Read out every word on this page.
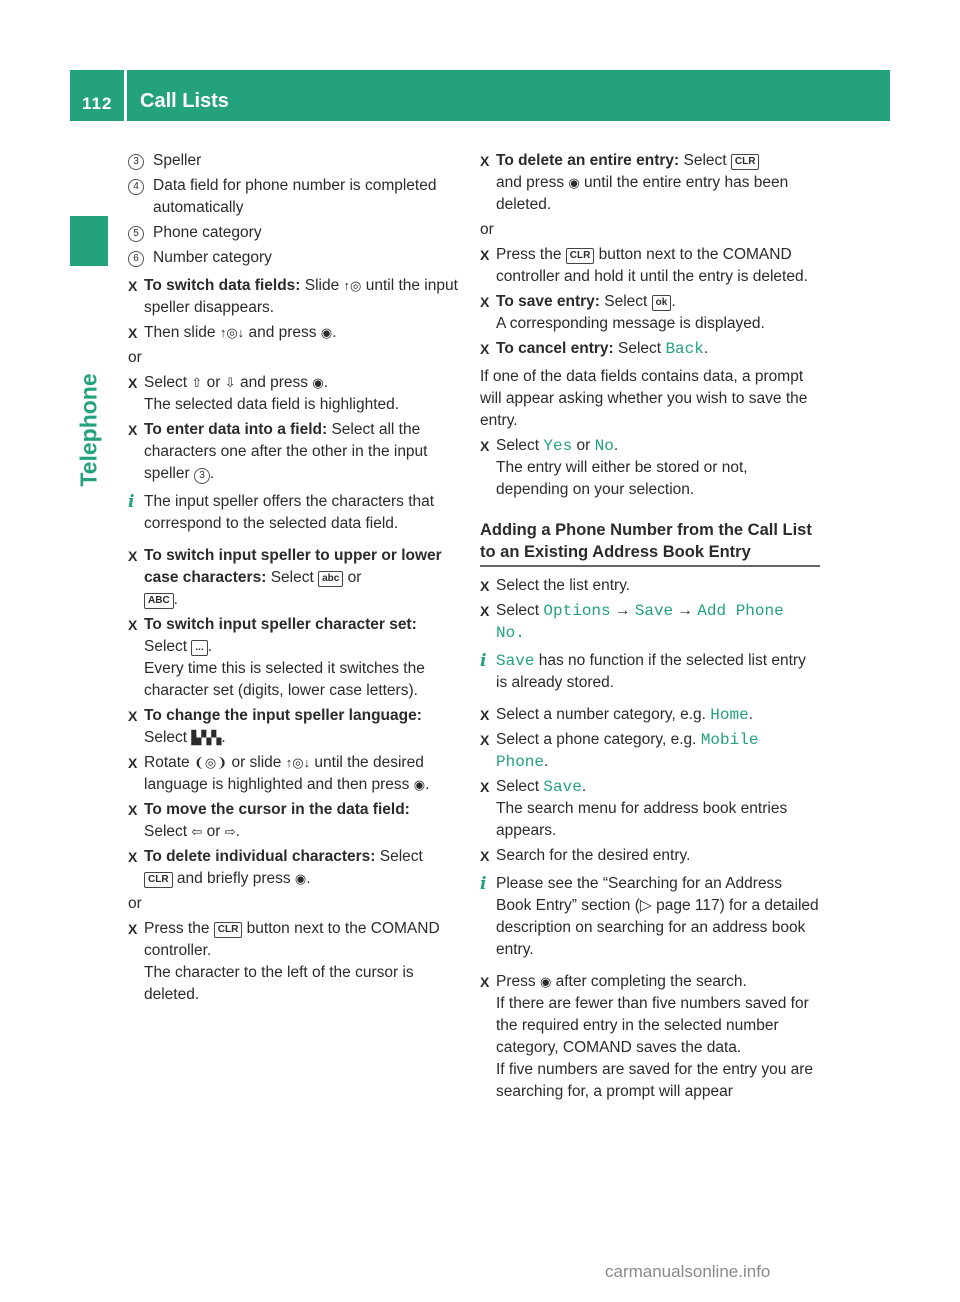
112 Call Lists
Telephone
3 Speller
4 Data field for phone number is completed automatically
5 Phone category
6 Number category
X To switch data fields: Slide ↑◎ until the input speller disappears.
X Then slide ↑◎↓ and press ◉.
or
X Select ⇧ or ⇩ and press ◉.
The selected data field is highlighted.
X To enter data into a field: Select all the characters one after the other in the input speller 3 .
i The input speller offers the characters that correspond to the selected data field.
X To switch input speller to upper or lower case characters: Select abc or
ABC .
X To switch input speller character set:
Select ... .
Every time this is selected it switches the character set (digits, lower case letters).
X To change the input speller language:
Select ▙▚▚.
X Rotate ❨◎❩ or slide ↑◎↓ until the desired language is highlighted and then press ◉.
X To move the cursor in the data field:
Select ⇦ or ⇨.
X To delete individual characters: Select
CLR and briefly press ◉.
or
X Press the CLR button next to the COMAND controller.
The character to the left of the cursor is deleted.
X To delete an entire entry: Select CLR
and press ◉ until the entire entry has been deleted.
or
X Press the CLR button next to the COMAND controller and hold it until the entry is deleted.
X To save entry: Select ok .
A corresponding message is displayed.
X To cancel entry: Select Back.
If one of the data fields contains data, a prompt will appear asking whether you wish to save the entry.
X Select Yes or No.
The entry will either be stored or not, depending on your selection.
Adding a Phone Number from the Call List to an Existing Address Book Entry
X Select the list entry.
X Select Options → Save → Add Phone No.
i Save has no function if the selected list entry is already stored.
X Select a number category, e.g. Home.
X Select a phone category, e.g. Mobile Phone.
X Select Save.
The search menu for address book entries appears.
X Search for the desired entry.
i Please see the “Searching for an Address Book Entry” section (▷ page 117) for a detailed description on searching for an address book entry.
X Press ◉ after completing the search.
If there are fewer than five numbers saved for the required entry in the selected number category, COMAND saves the data.
If five numbers are saved for the entry you are searching for, a prompt will appear
carmanualsonline.info
